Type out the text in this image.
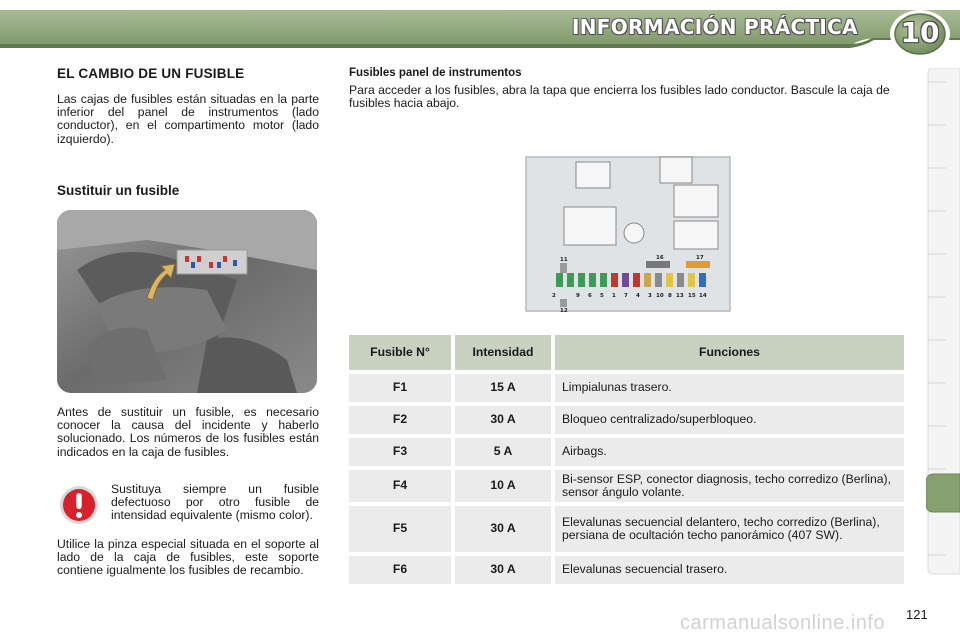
INFORMACIÓN PRÁCTICA 10
EL CAMBIO DE UN FUSIBLE
Las cajas de fusibles están situadas en la parte inferior del panel de instrumentos (lado conductor), en el compartimento motor (lado izquierdo).
Sustituir un fusible
Antes de sustituir un fusible, es necesario conocer la causa del incidente y haberlo solucionado. Los números de los fusibles están indicados en la caja de fusibles.
Sustituya siempre un fusible defectuoso por otro fusible de intensidad equivalente (mismo color).
Utilice la pinza especial situada en el soporte al lado de la caja de fusibles, este soporte contiene igualmente los fusibles de recambio.
Fusibles panel de instrumentos
Para acceder a los fusibles, abra la tapa que encierra los fusibles lado conductor. Bascule la caja de fusibles hacia abajo.
16	17
11
2	9 6 5 1 7 4 3 10 8 13 15 14
12
Fusible N°	Intensidad	Funciones
F1	15 A	Limpialunas trasero.
F2	30 A	Bloqueo centralizado/superbloqueo.
F3	5 A	Airbags.
F4	10 A	Bi-sensor ESP, conector diagnosis, techo corredizo (Berlina), sensor ángulo volante.
F5	30 A	Elevalunas secuencial delantero, techo corredizo (Berlina), persiana de ocultación techo panorámico (407 SW).
F6	30 A	Elevalunas secuencial trasero.
carmanualsonline.info 121
